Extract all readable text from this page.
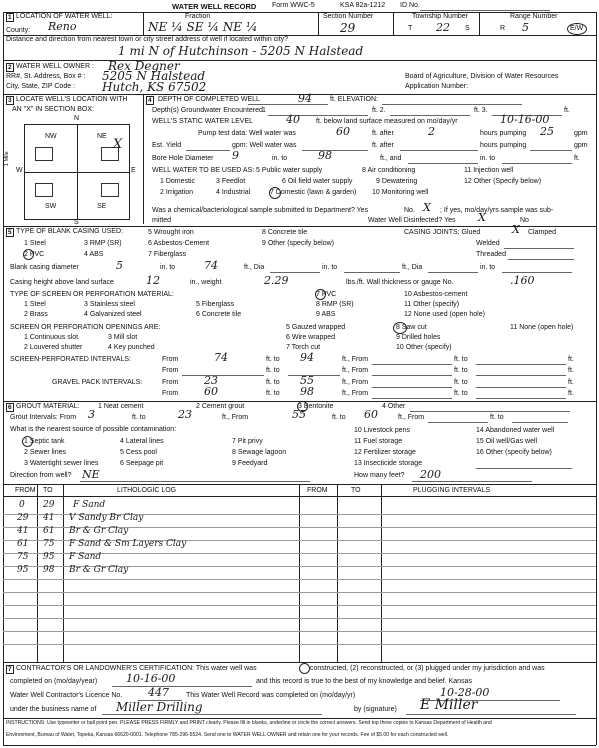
WATER WELL RECORD Form WWC-5	KSA 82a-1212 ID No.
1 LOCATION OF WATER WELL:
County: Reno
Fraction
NE ¼ SE ¼ NE ¼
Section Number
29
Township Number
T 22 S
Range Number
R 5	E/W
Distance and direction from nearest town or city street address of well if located within city?
1 mi N of Hutchinson - 5205 N Halstead
2 WATER WELL OWNER : Rex Degner
RR#, St. Address, Box # : 5205 N Halstead
City, State, ZIP Code : Hutch, KS 67502
Board of Agriculture, Division of Water Resources
Application Number:
3 LOCATE WELL'S LOCATION WITH
AN "X" IN SECTION BOX:
NW	NE
SW	SE
X
N
S
W	E
1 Mile
4 DEPTH OF COMPLETED WELL	94	ft. ELEVATION:
Depth(s) Groundwater Encountered 1	ft. 2.	ft. 3.	ft.
WELL'S STATIC WATER LEVEL	40 ft. below land surface measured on mo/day/yr	10-16-00
Pump test data: Well water was	60	ft. after	2	hours pumping 25	gpm
Est. Yield	gpm: Well water was	ft. after	hours pumping	gpm
Bore Hole Diameter 9	in. to	98	ft., and	in. to	ft.
WELL WATER TO BE USED AS: 5 Public water supply	8 Air conditioning	11 Injection well
1 Domestic	3 Feedlot	6 Oil field water supply	9 Dewatering	12 Other (Specify below)
2 Irrigation	4 Industrial	7 Domestic (lawn & garden) 10 Monitoring well
Was a chemical/bacteriological sample submitted to Department? Yes	No. X ; If yes, mo/day/yrs sample was sub-
mitted	Water Well Disinfected? Yes X	No
5 TYPE OF BLANK CASING USED:
1 Steel
2 PVC
3 RMP (SR)
4 ABS
5 Wrought iron
6 Asbestos-Cement
7 Fiberglass
8 Concrete tile
9 Other (specify below)
CASING JOINTS: Glued	X Clamped
Welded
Threaded
Blank casing diameter	5	in. to	74	ft., Dia	in. to	ft., Dia	in. to
Casing height above land surface	12	in., weight	2.29	lbs./ft. Wall thickness or gauge No.	.160
TYPE OF SCREEN OR PERFORATION MATERIAL:
1 Steel
2 Brass
3 Stainless steel
4 Galvanized steel
5 Fiberglass
6 Concrete tile
7 PVC
8 RMP (SR)
9 ABS
10 Asbestos-cement
11 Other (specify)
12 None used (open hole)
SCREEN OR PERFORATION OPENINGS ARE:
1 Continuous slot
2 Louvered shutter
3 Mill slot
4 Key punched
5 Gauzed wrapped
6 Wire wrapped
7 Torch cut
8 Saw cut
9 Drilled holes
10 Other (specify)
11 None (open hole)
SCREEN-PERFORATED INTERVALS:	From	74	ft. to 94	ft., From	ft. to	ft.
From	ft. to	ft., From	ft. to	ft.
GRAVEL PACK INTERVALS:	From 23	ft. to 55	ft., From	ft. to	ft.
From 60	ft. to 98	ft., From	ft. to	ft.
6 GROUT MATERIAL:	1 Neat cement	2 Cement grout	3 Bentonite	4 Other
Grout Intervals: From 3	ft. to	23	ft., From	55	ft. to 60	ft., From	ft. to
What is the nearest source of possible contamination:
1 Septic tank
2 Sewer lines
3 Watertight sewer lines
4 Lateral lines
5 Cess pool
6 Seepage pit
7 Pit privy
8 Sewage lagoon
9 Feedyard
10 Livestock pens
11 Fuel storage
12 Fertilizer storage
13 Insecticide storage
14 Abandoned water well
15 Oil well/Gas well
16 Other (specify below)
Direction from well? NE	How many feet? 200
FROM TO	LITHOLOGIC LOG	FROM	TO	PLUGGING INTERVALS
0 29 F Sand
29 41 V Sandy Br Clay
41 61 Br & Gr Clay
61 75 F Sand & Sm Layers Clay
75 95 F Sand
95 98 Br & Gr Clay
7 CONTRACTOR'S OR LANDOWNER'S CERTIFICATION: This water well was	constructed, (2) reconstructed, or (3) plugged under my jurisdiction and was
completed on (mo/day/year)	10-16-00	and this record is true to the best of my knowledge and belief. Kansas
Water Well Contractor's Licence No. 447 This Water Well Record was completed on (mo/day/yr)	10-28-00
under the business name of Miller Drilling	by (signature) E Miller
INSTRUCTIONS: Use typewriter or ball point pen. PLEASE PRESS FIRMLY and PRINT clearly. Please fill in blanks, underline or circle the correct answers. Send top three copies to Kansas Department of Health and
Environment, Bureau of Water, Topeka, Kansas 66620-0001. Telephone 785-296-5524. Send one to WATER WELL OWNER and retain one for your records. Fee of $5.00 for each constructed well.
